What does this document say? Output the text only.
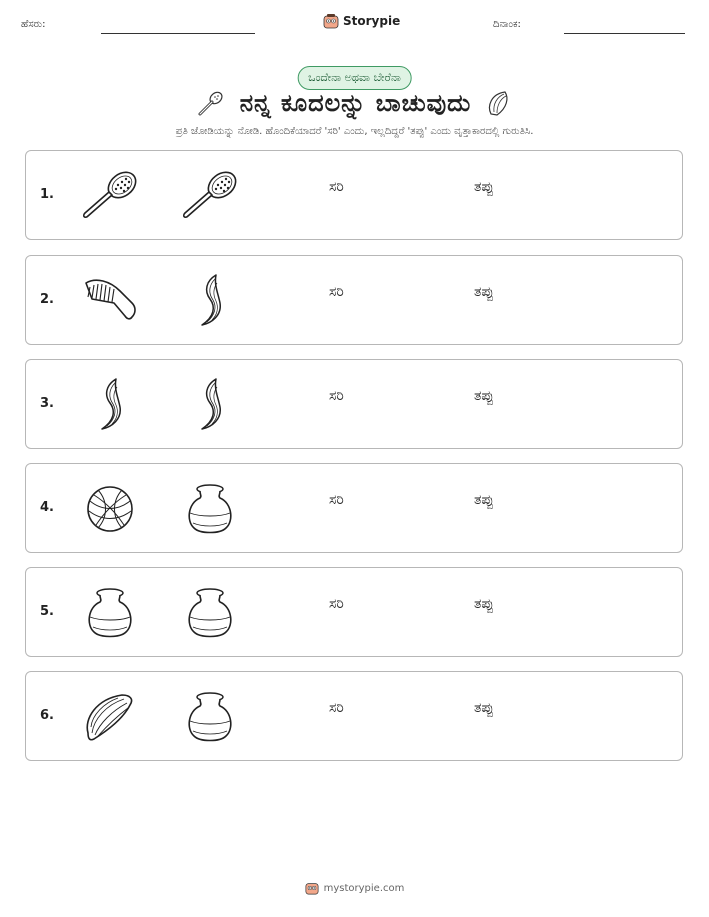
ಹೆಸರು:	Storypie	ದಿನಾಂಕ:
ಒಂದೇನಾ ಅಥವಾ ಬೇರೆನಾ
ನನ್ನ ಕೂದಲನ್ನು ಬಾಚುವುದು
ಪ್ರತಿ ಜೋಡಿಯನ್ನು ನೋಡಿ. ಹೊಂದಿಕೆಯಾದರೆ 'ಸರಿ' ಎಂದು, ಇಲ್ಲದಿದ್ದರೆ 'ತಪ್ಪು' ಎಂದು ವೃತ್ತಾಕಾರದಲ್ಲಿ ಗುರುತಿಸಿ.
1.	ಸರಿ	ತಪ್ಪು
2.	ಸರಿ	ತಪ್ಪು
3.	ಸರಿ	ತಪ್ಪು
4.	ಸರಿ	ತಪ್ಪು
5.	ಸರಿ	ತಪ್ಪು
6.	ಸರಿ	ತಪ್ಪು
mystorypie.com
